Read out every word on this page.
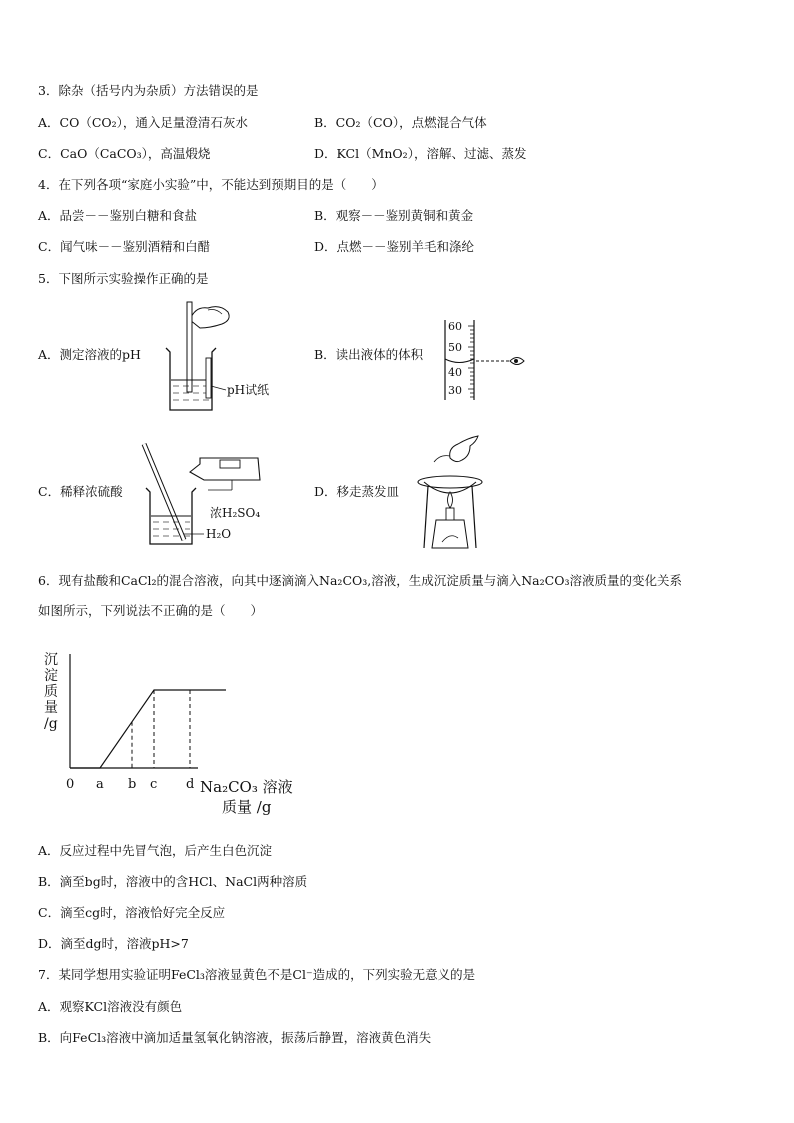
3．除杂（括号内为杂质）方法错误的是
A．CO（CO₂），通入足量澄清石灰水	B．CO₂（CO），点燃混合气体
C．CaO（CaCO₃），高温煅烧	D．KCl（MnO₂），溶解、过滤、蒸发
4．在下列各项“家庭小实验”中，不能达到预期目的是（　　）
A．品尝－－鉴别白糖和食盐	B．观察－－鉴别黄铜和黄金
C．闻气味－－鉴别酒精和白醋	D．点燃－－鉴别羊毛和涤纶
5．下图所示实验操作正确的是
A．测定溶液的pH	B．读出液体的体积
C．稀释浓硫酸	D．移走蒸发皿
pH试纸
60
50
40
30
浓H₂SO₄
H₂O
6．现有盐酸和CaCl₂的混合溶液，向其中逐滴滴入Na₂CO₃,溶液，生成沉淀质量与滴入Na₂CO₃溶液质量的变化关系
如图所示，下列说法不正确的是（　　）
沉
淀
质
量
/g
0 a b c d Na₂CO₃ 溶液
质量 /g
A．反应过程中先冒气泡，后产生白色沉淀
B．滴至bg时，溶液中的含HCl、NaCl两种溶质
C．滴至cg时，溶液恰好完全反应
D．滴至dg时，溶液pH>7
7．某同学想用实验证明FeCl₃溶液显黄色不是Cl⁻造成的，下列实验无意义的是
A．观察KCl溶液没有颜色
B．向FeCl₃溶液中滴加适量氢氧化钠溶液，振荡后静置，溶液黄色消失
